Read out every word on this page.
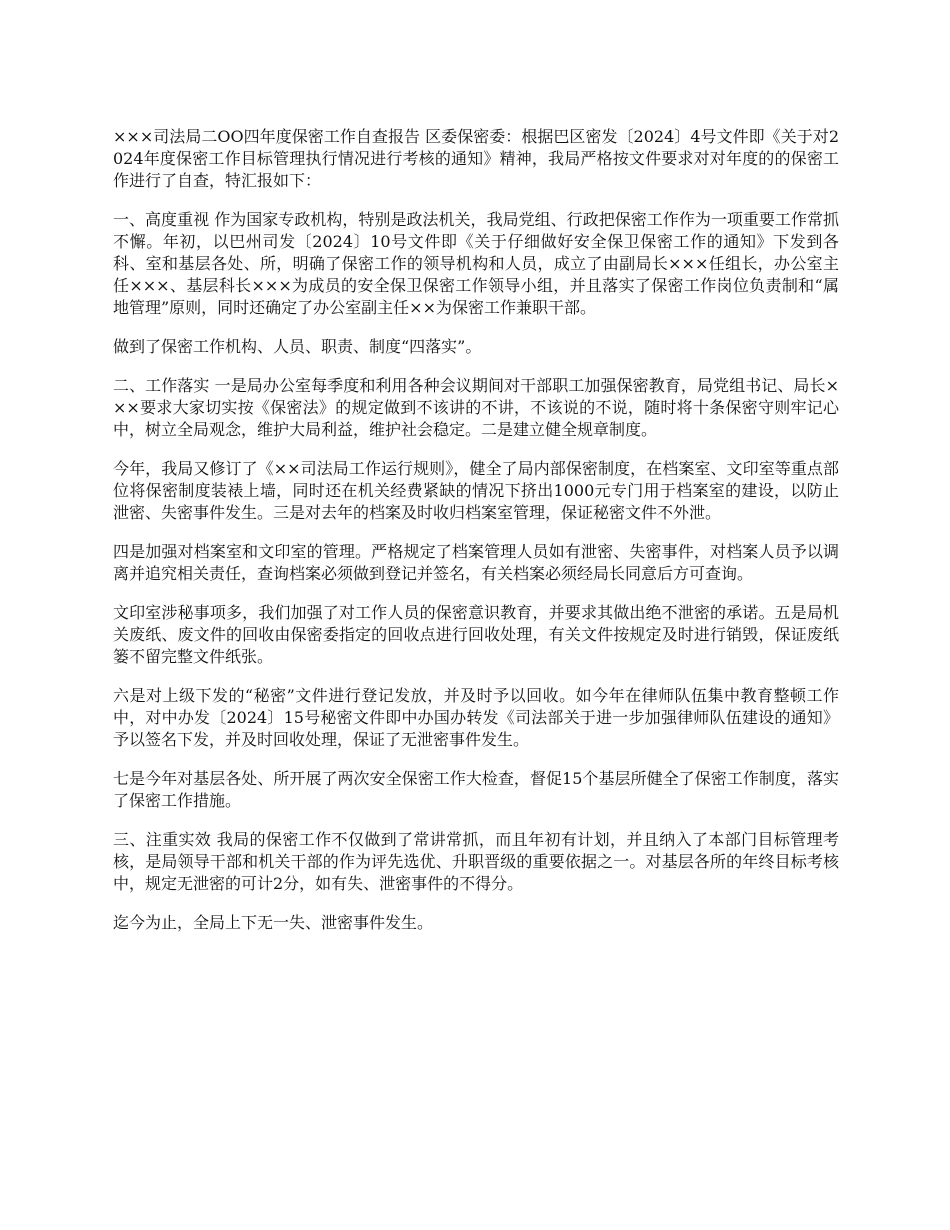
×××司法局二OO四年度保密工作自查报告 区委保密委：根据巴区密发〔2024〕4号文件即《关于对2024年度保密工作目标管理执行情况进行考核的通知》精神，我局严格按文件要求对对年度的的保密工作进行了自查，特汇报如下：

一、高度重视 作为国家专政机构，特别是政法机关，我局党组、行政把保密工作作为一项重要工作常抓不懈。年初，以巴州司发〔2024〕10号文件即《关于仔细做好安全保卫保密工作的通知》下发到各科、室和基层各处、所，明确了保密工作的领导机构和人员，成立了由副局长×××任组长，办公室主任×××、基层科长×××为成员的安全保卫保密工作领导小组，并且落实了保密工作岗位负责制和“属地管理”原则，同时还确定了办公室副主任××为保密工作兼职干部。

做到了保密工作机构、人员、职责、制度“四落实”。

二、工作落实 一是局办公室每季度和利用各种会议期间对干部职工加强保密教育，局党组书记、局长×××要求大家切实按《保密法》的规定做到不该讲的不讲，不该说的不说，随时将十条保密守则牢记心中，树立全局观念，维护大局利益，维护社会稳定。二是建立健全规章制度。

今年，我局又修订了《××司法局工作运行规则》，健全了局内部保密制度，在档案室、文印室等重点部位将保密制度装裱上墙，同时还在机关经费紧缺的情况下挤出1000元专门用于档案室的建设，以防止泄密、失密事件发生。三是对去年的档案及时收归档案室管理，保证秘密文件不外泄。

四是加强对档案室和文印室的管理。严格规定了档案管理人员如有泄密、失密事件，对档案人员予以调离并追究相关责任，查询档案必须做到登记并签名，有关档案必须经局长同意后方可查询。

文印室涉秘事项多，我们加强了对工作人员的保密意识教育，并要求其做出绝不泄密的承诺。五是局机关废纸、废文件的回收由保密委指定的回收点进行回收处理，有关文件按规定及时进行销毁，保证废纸篓不留完整文件纸张。

六是对上级下发的“秘密”文件进行登记发放，并及时予以回收。如今年在律师队伍集中教育整顿工作中，对中办发〔2024〕15号秘密文件即中办国办转发《司法部关于进一步加强律师队伍建设的通知》予以签名下发，并及时回收处理，保证了无泄密事件发生。

七是今年对基层各处、所开展了两次安全保密工作大检查，督促15个基层所健全了保密工作制度，落实了保密工作措施。

三、注重实效 我局的保密工作不仅做到了常讲常抓，而且年初有计划，并且纳入了本部门目标管理考核，是局领导干部和机关干部的作为评先选优、升职晋级的重要依据之一。对基层各所的年终目标考核中，规定无泄密的可计2分，如有失、泄密事件的不得分。

迄今为止，全局上下无一失、泄密事件发生。
